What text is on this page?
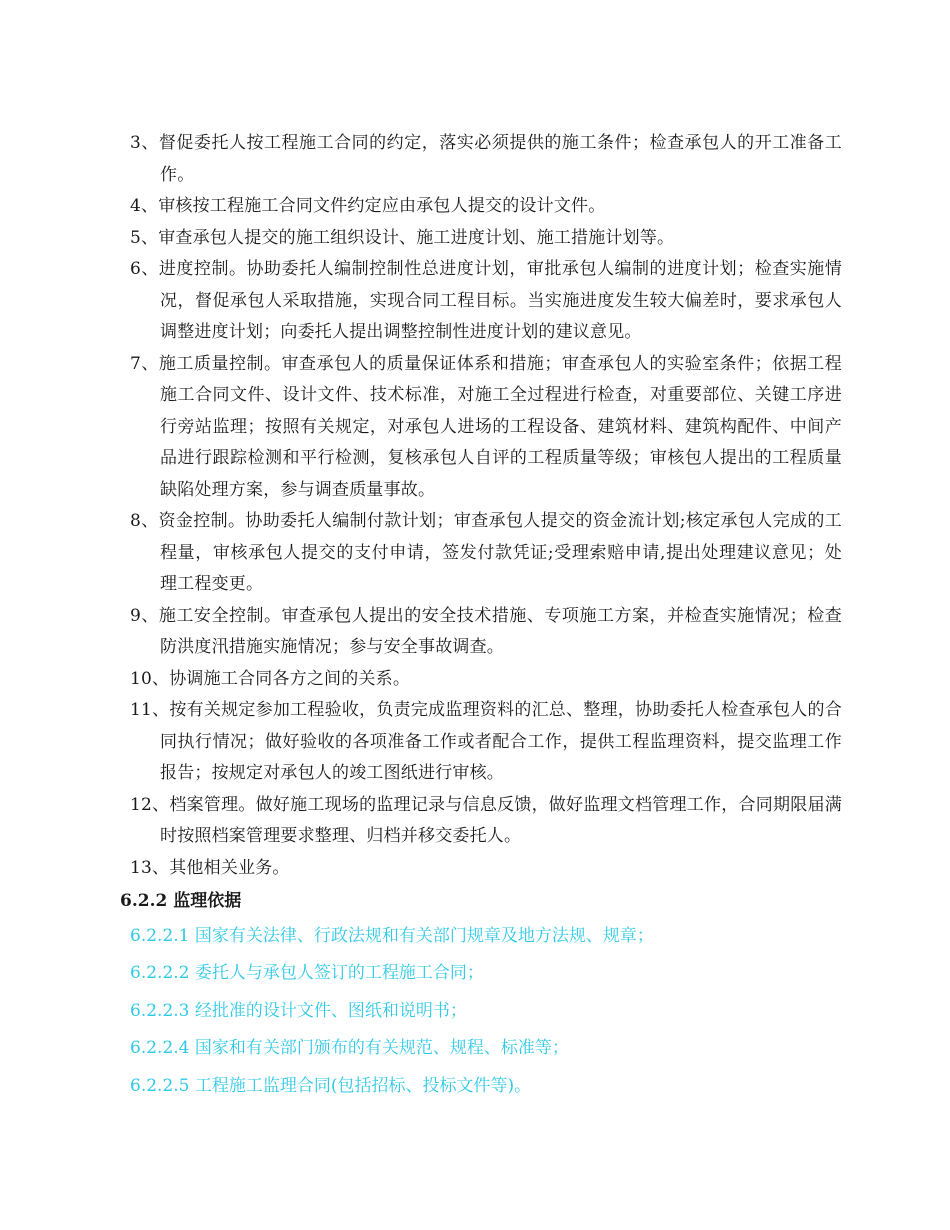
3、督促委托人按工程施工合同的约定，落实必须提供的施工条件；检查承包人的开工准备工作。

4、审核按工程施工合同文件约定应由承包人提交的设计文件。

5、审查承包人提交的施工组织设计、施工进度计划、施工措施计划等。

6、进度控制。协助委托人编制控制性总进度计划，审批承包人编制的进度计划；检查实施情况，督促承包人采取措施，实现合同工程目标。当实施进度发生较大偏差时，要求承包人调整进度计划；向委托人提出调整控制性进度计划的建议意见。

7、施工质量控制。审查承包人的质量保证体系和措施；审查承包人的实验室条件；依据工程施工合同文件、设计文件、技术标准，对施工全过程进行检查，对重要部位、关键工序进行旁站监理；按照有关规定，对承包人进场的工程设备、建筑材料、建筑构配件、中间产品进行跟踪检测和平行检测，复核承包人自评的工程质量等级；审核包人提出的工程质量缺陷处理方案，参与调查质量事故。

8、资金控制。协助委托人编制付款计划；审查承包人提交的资金流计划;核定承包人完成的工程量，审核承包人提交的支付申请，签发付款凭证;受理索赔申请,提出处理建议意见；处理工程变更。

9、施工安全控制。审查承包人提出的安全技术措施、专项施工方案，并检查实施情况；检查防洪度汛措施实施情况；参与安全事故调查。

10、协调施工合同各方之间的关系。

11、按有关规定参加工程验收，负责完成监理资料的汇总、整理，协助委托人检查承包人的合同执行情况；做好验收的各项准备工作或者配合工作，提供工程监理资料，提交监理工作报告；按规定对承包人的竣工图纸进行审核。

12、档案管理。做好施工现场的监理记录与信息反馈，做好监理文档管理工作，合同期限届满时按照档案管理要求整理、归档并移交委托人。

13、其他相关业务。

6.2.2 监理依据

6.2.2.1 国家有关法律、行政法规和有关部门规章及地方法规、规章；

6.2.2.2 委托人与承包人签订的工程施工合同；

6.2.2.3 经批准的设计文件、图纸和说明书；

6.2.2.4 国家和有关部门颁布的有关规范、规程、标准等；

6.2.2.5 工程施工监理合同(包括招标、投标文件等)。
